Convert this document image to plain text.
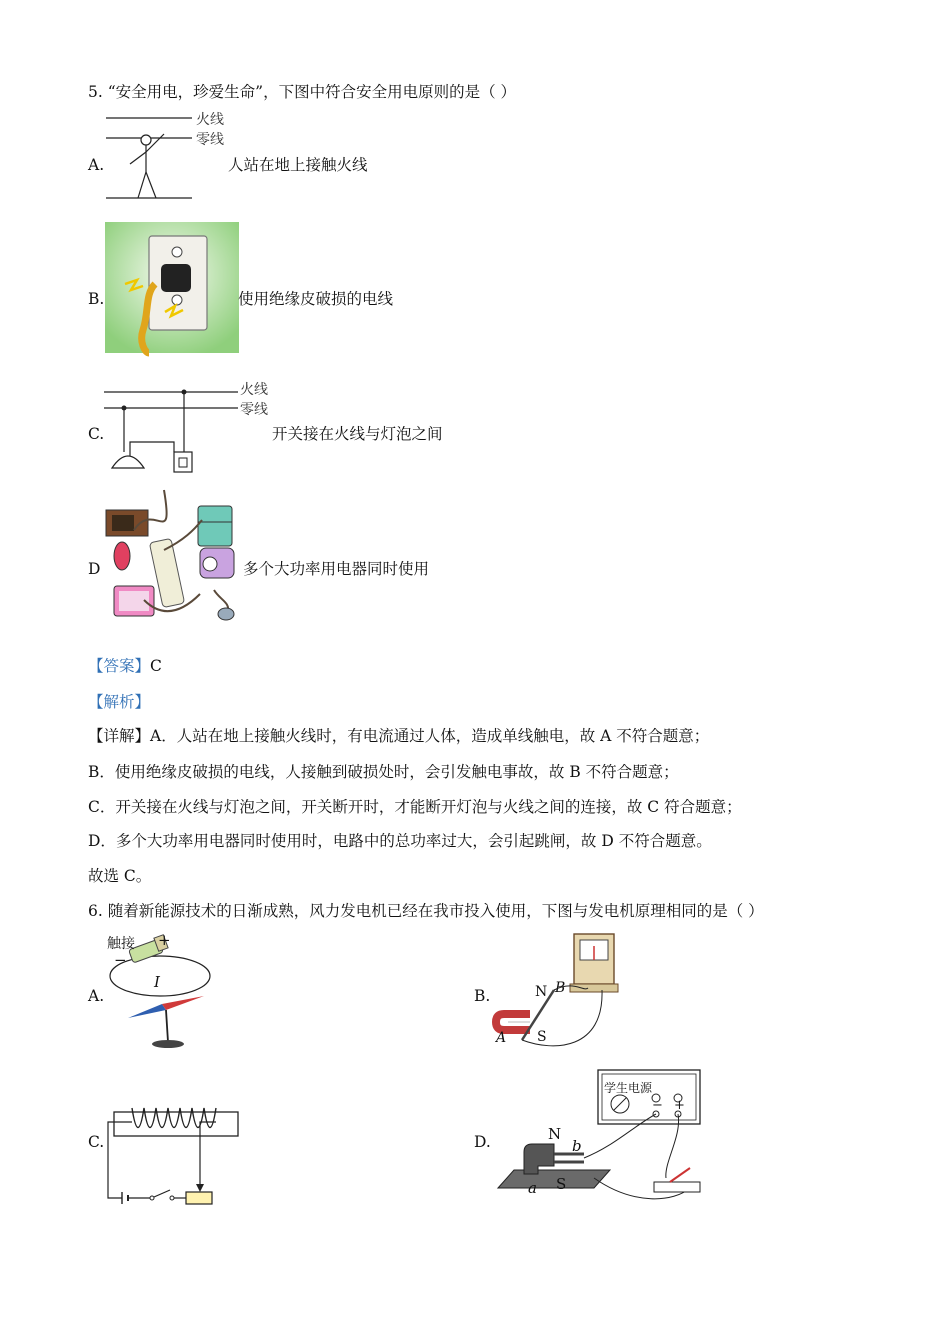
5. “安全用电，珍爱生命”，下图中符合安全用电原则的是（ ）
A.
火线
零线
人站在地上接触火线
B.	使用绝缘皮破损的电线
C.
火线
零线
开关接在火线与灯泡之间
D	多个大功率用电器同时使用
【答案】C
【解析】
【详解】A．人站在地上接触火线时，有电流通过人体，造成单线触电，故 A 不符合题意；
B．使用绝缘皮破损的电线，人接触到破损处时，会引发触电事故，故 B 不符合题意；
C．开关接在火线与灯泡之间，开关断开时，才能断开灯泡与火线之间的连接，故 C 符合题意；
D．多个大功率用电器同时使用时，电路中的总功率过大，会引起跳闸，故 D 不符合题意。
故选 C。
6. 随着新能源技术的日渐成熟，风力发电机已经在我市投入使用，下图与发电机原理相同的是（ ）
A.
触接 +
−
I
B.	N B
A S
C.	D.
学生电源
− +
N
b
a S
